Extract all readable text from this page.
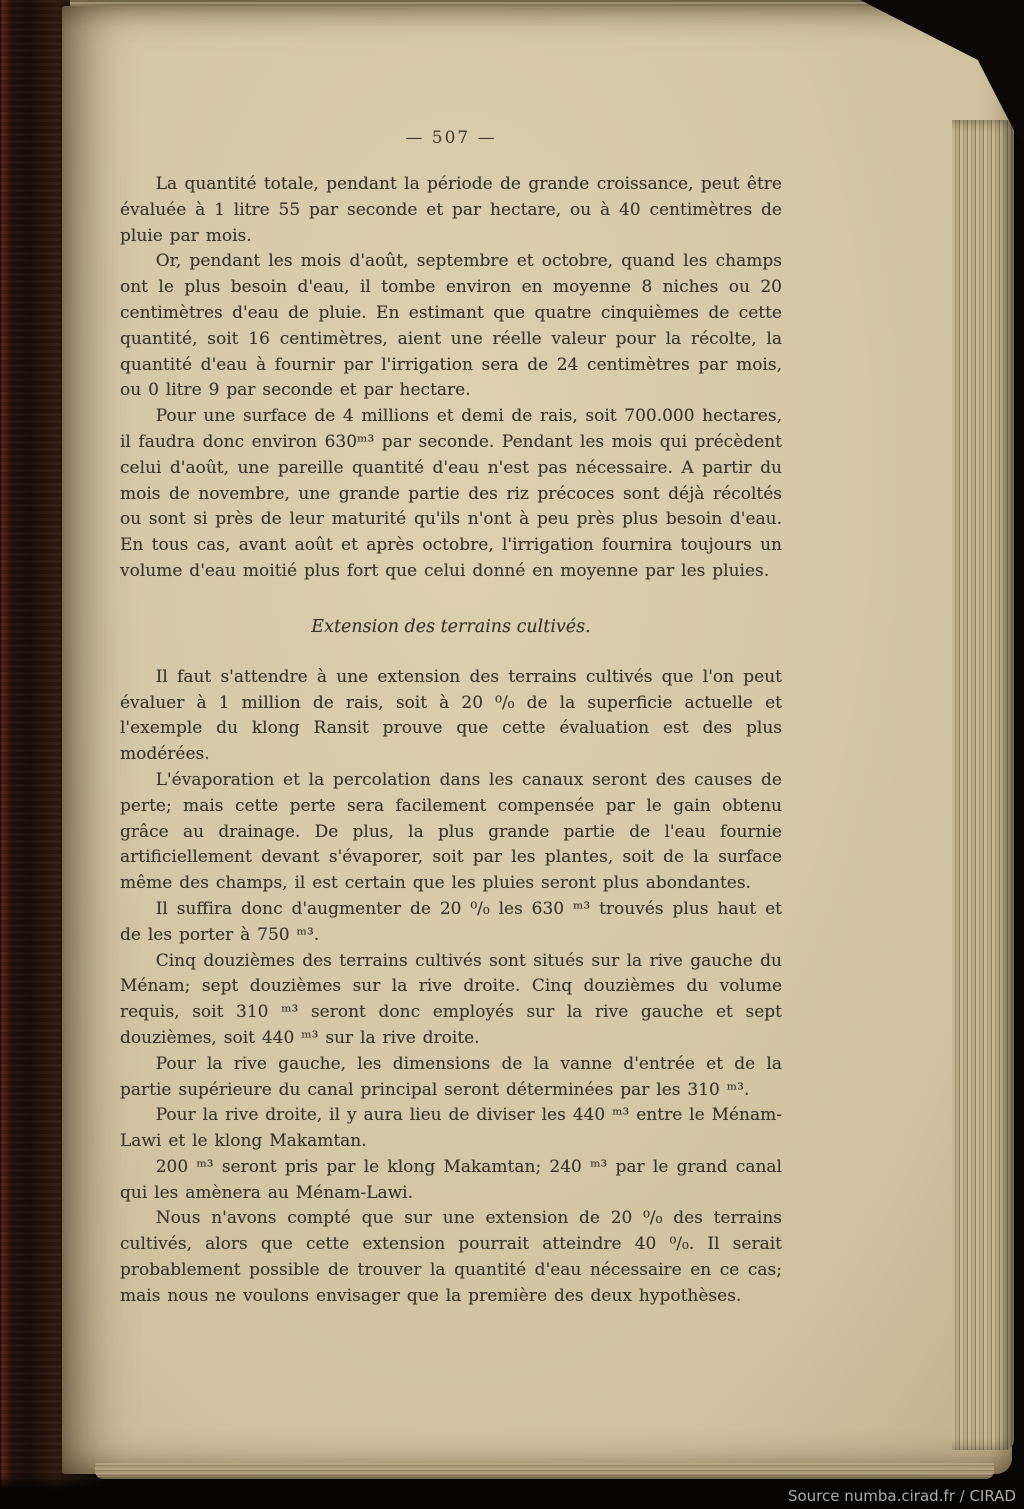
— 507 —

La quantité totale, pendant la période de grande croissance, peut être évaluée à 1 litre 55 par seconde et par hectare, ou à 40 centimètres de pluie par mois.

Or, pendant les mois d'août, septembre et octobre, quand les champs ont le plus besoin d'eau, il tombe environ en moyenne 8 niches ou 20 centimètres d'eau de pluie. En estimant que quatre cinquièmes de cette quantité, soit 16 centimètres, aient une réelle valeur pour la récolte, la quantité d'eau à fournir par l'irrigation sera de 24 centimètres par mois, ou 0 litre 9 par seconde et par hectare.

Pour une surface de 4 millions et demi de rais, soit 700.000 hectares, il faudra donc environ 630ᵐ³ par seconde. Pendant les mois qui précèdent celui d'août, une pareille quantité d'eau n'est pas nécessaire. A partir du mois de novembre, une grande partie des riz précoces sont déjà récoltés ou sont si près de leur maturité qu'ils n'ont à peu près plus besoin d'eau. En tous cas, avant août et après octobre, l'irrigation fournira toujours un volume d'eau moitié plus fort que celui donné en moyenne par les pluies.

Extension des terrains cultivés.

Il faut s'attendre à une extension des terrains cultivés que l'on peut évaluer à 1 million de rais, soit à 20 ⁰/₀ de la superficie actuelle et l'exemple du klong Ransit prouve que cette évaluation est des plus modérées.

L'évaporation et la percolation dans les canaux seront des causes de perte; mais cette perte sera facilement compensée par le gain obtenu grâce au drainage. De plus, la plus grande partie de l'eau fournie artificiellement devant s'évaporer, soit par les plantes, soit de la surface même des champs, il est certain que les pluies seront plus abondantes.

Il suffira donc d'augmenter de 20 ⁰/₀ les 630 ᵐ³ trouvés plus haut et de les porter à 750 ᵐ³.

Cinq douzièmes des terrains cultivés sont situés sur la rive gauche du Ménam; sept douzièmes sur la rive droite. Cinq douzièmes du volume requis, soit 310 ᵐ³ seront donc employés sur la rive gauche et sept douzièmes, soit 440 ᵐ³ sur la rive droite.

Pour la rive gauche, les dimensions de la vanne d'entrée et de la partie supérieure du canal principal seront déterminées par les 310 ᵐ³.

Pour la rive droite, il y aura lieu de diviser les 440 ᵐ³ entre le Ménam-Lawi et le klong Makamtan.

200 ᵐ³ seront pris par le klong Makamtan; 240 ᵐ³ par le grand canal qui les amènera au Ménam-Lawi.

Nous n'avons compté que sur une extension de 20 ⁰/₀ des terrains cultivés, alors que cette extension pourrait atteindre 40 ⁰/₀. Il serait probablement possible de trouver la quantité d'eau nécessaire en ce cas; mais nous ne voulons envisager que la première des deux hypothèses.

Source numba.cirad.fr / CIRAD
